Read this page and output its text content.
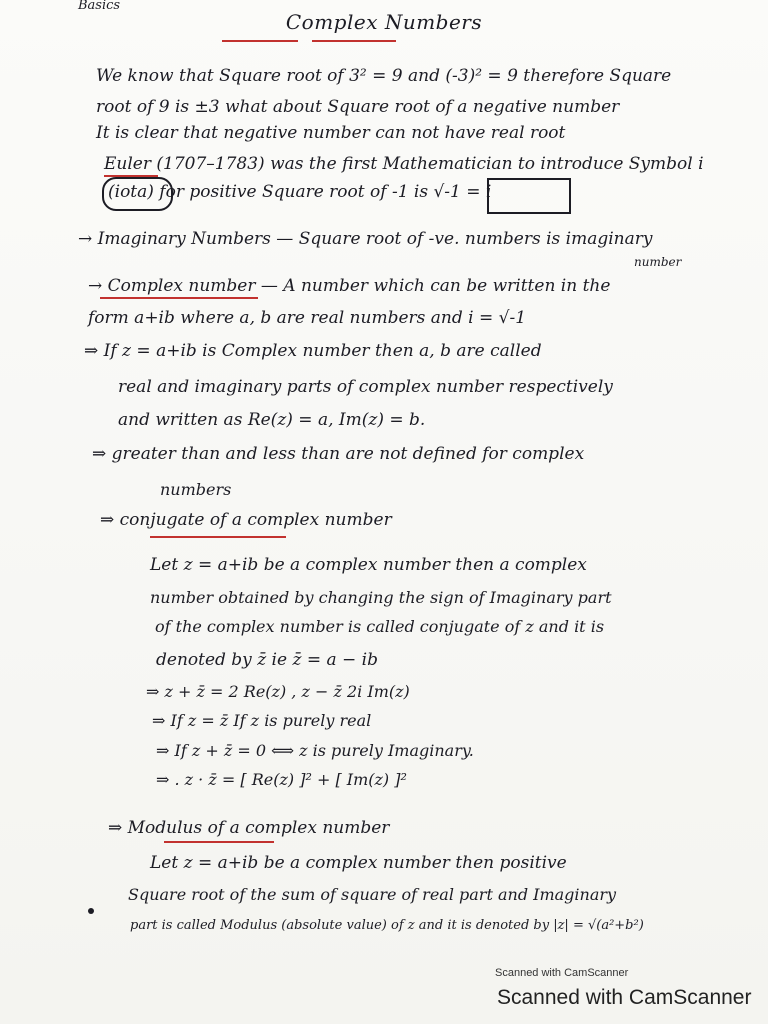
Basics
Complex Numbers
We know that Square root of 3² = 9 and (-3)² = 9 therefore Square
root of 9 is ±3 what about Square root of a negative number
It is clear that negative number can not have real root
Euler (1707–1783) was the first Mathematician to introduce Symbol i
(iota) for positive Square root of -1 is √-1 = i
→ Imaginary Numbers — Square root of -ve. numbers is imaginary
number
→ Complex number — A number which can be written in the
form a+ib where a, b are real numbers and i = √-1
⇒ If z = a+ib is Complex number then a, b are called
real and imaginary parts of complex number respectively
and written as Re(z) = a, Im(z) = b.
⇒ greater than and less than are not defined for complex
numbers
⇒ conjugate of a complex number
Let z = a+ib be a complex number then a complex
number obtained by changing the sign of Imaginary part
of the complex number is called conjugate of z and it is
denoted by z̄ ie z̄ = a − ib
⇒ z + z̄ = 2 Re(z) , z − z̄ 2i Im(z)
⇒ If z = z̄ If z is purely real
⇒ If z + z̄ = 0 ⟺ z is purely Imaginary.
⇒ . z · z̄ = [ Re(z) ]² + [ Im(z) ]²
⇒ Modulus of a complex number
Let z = a+ib be a complex number then positive
Square root of the sum of square of real part and Imaginary
part is called Modulus (absolute value) of z and it is denoted by |z| = √(a²+b²)
Scanned with CamScanner
Scanned with CamScanner
